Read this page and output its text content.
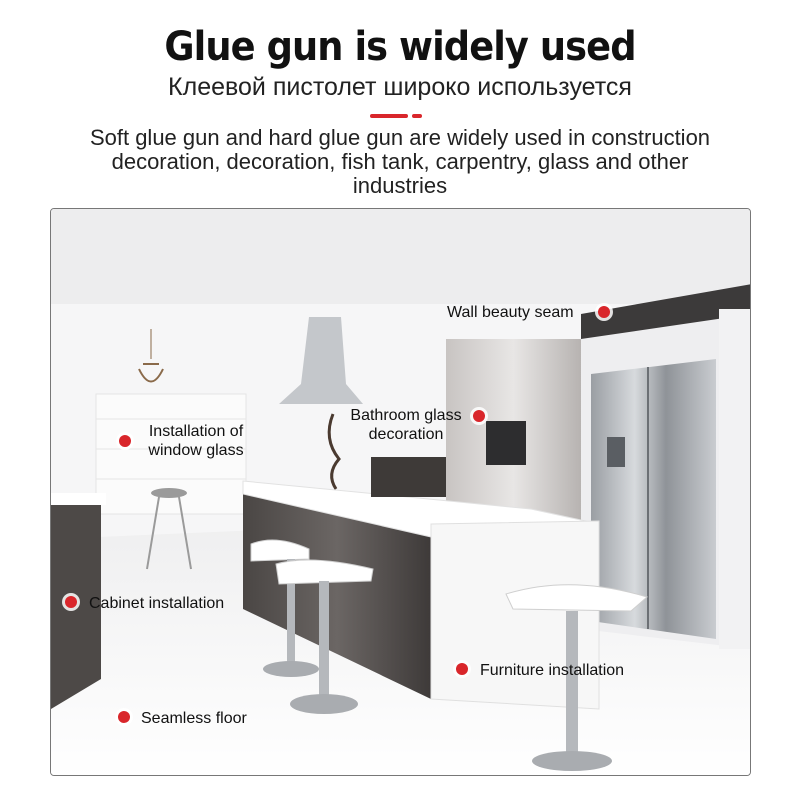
Glue gun is widely used
Клеевой пистолет широко используется
Soft glue gun and hard glue gun are widely used in construction decoration, decoration, fish tank, carpentry, glass and other industries
Wall beauty seam
Bathroom glass
decoration
Installation of
window glass
Cabinet installation
Furniture installation
Seamless floor
